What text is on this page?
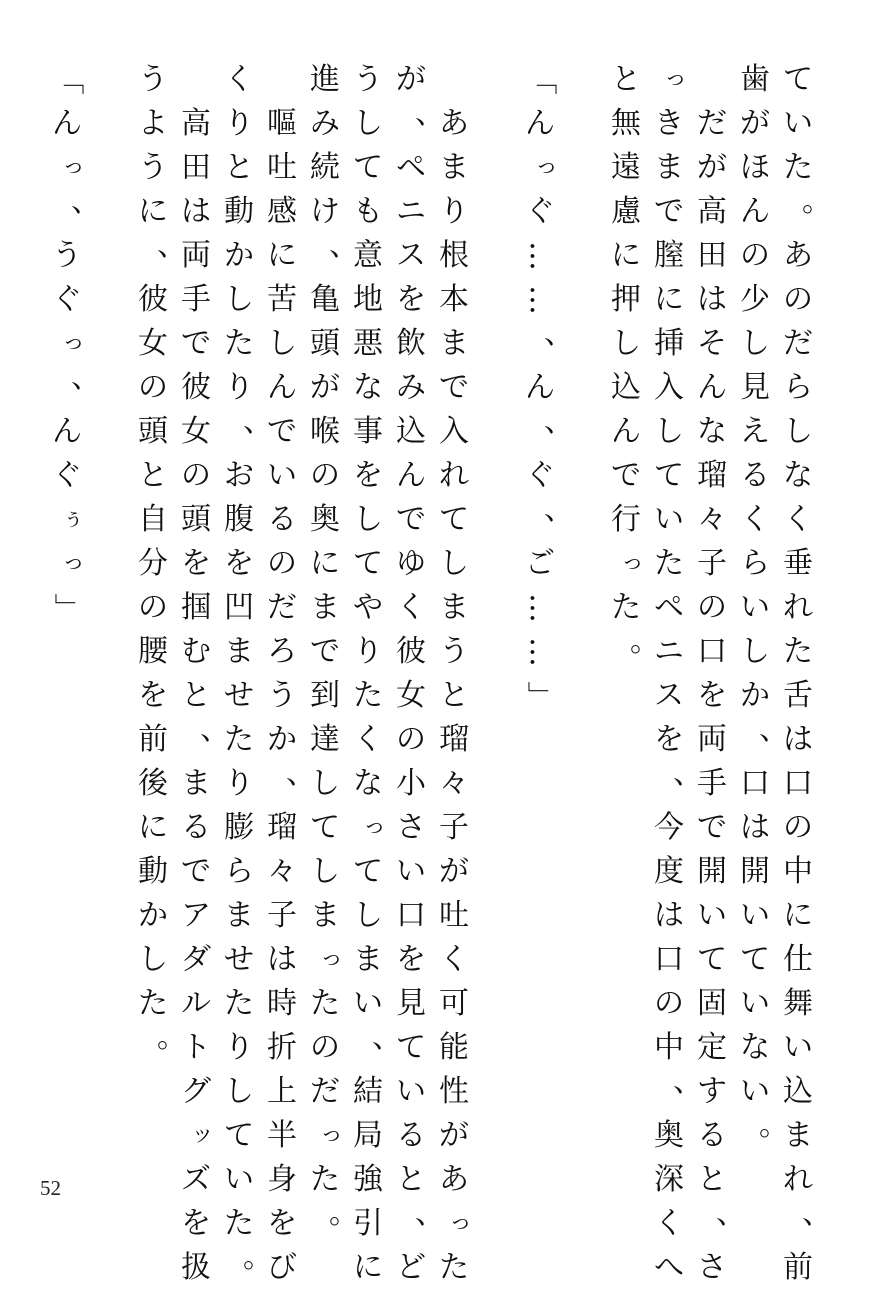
て
い
た
。
あ
の
だ
ら
し
な
く
垂
れ
た
舌
は
口
の
中
に
仕
舞
い
込
ま
れ
、
前
歯
が
ほ
ん
の
少
し
見
え
る
く
ら
い
し
か
、
口
は
開
い
て
い
な
い
。

だ
が
高
田
は
そ
ん
な
瑠
々
子
の
口
を
両
手
で
開
い
て
固
定
す
る
と
、
さ
っ
き
ま
で
膣
に
挿
入
し
て
い
た
ペ
ニ
ス
を
、
今
度
は
口
の
中
、
奥
深
く
へ
と
無
遠
慮
に
押
し
込
ん
で
行
っ
た
。
「
ん
っ
ぐ
…
…
、
ん
、
ぐ
、
ご
…
…
」

あ
ま
り
根
本
ま
で
入
れ
て
し
ま
う
と
瑠
々
子
が
吐
く
可
能
性
が
あ
っ
た
が
、
ペ
ニ
ス
を
飲
み
込
ん
で
ゆ
く
彼
女
の
小
さ
い
口
を
見
て
い
る
と
、
ど
う
し
て
も
意
地
悪
な
事
を
し
て
や
り
た
く
な
っ
て
し
ま
い
、
結
局
強
引
に
進
み
続
け
、
亀
頭
が
喉
の
奥
に
ま
で
到
達
し
て
し
ま
っ
た
の
だ
っ
た
。

嘔
吐
感
に
苦
し
ん
で
い
る
の
だ
ろ
う
か
、
瑠
々
子
は
時
折
上
半
身
を
び
く
り
と
動
か
し
た
り
、
お
腹
を
凹
ま
せ
た
り
膨
ら
ま
せ
た
り
し
て
い
た
。

高
田
は
両
手
で
彼
女
の
頭
を
掴
む
と
、
ま
る
で
ア
ダ
ル
ト
グ
ッ
ズ
を
扱
う
よ
う
に
、
彼
女
の
頭
と
自
分
の
腰
を
前
後
に
動
か
し
た
。
「
ん
っ
、
う
ぐ
っ
、
ん
ぐ
ぅ
っ
」
52
